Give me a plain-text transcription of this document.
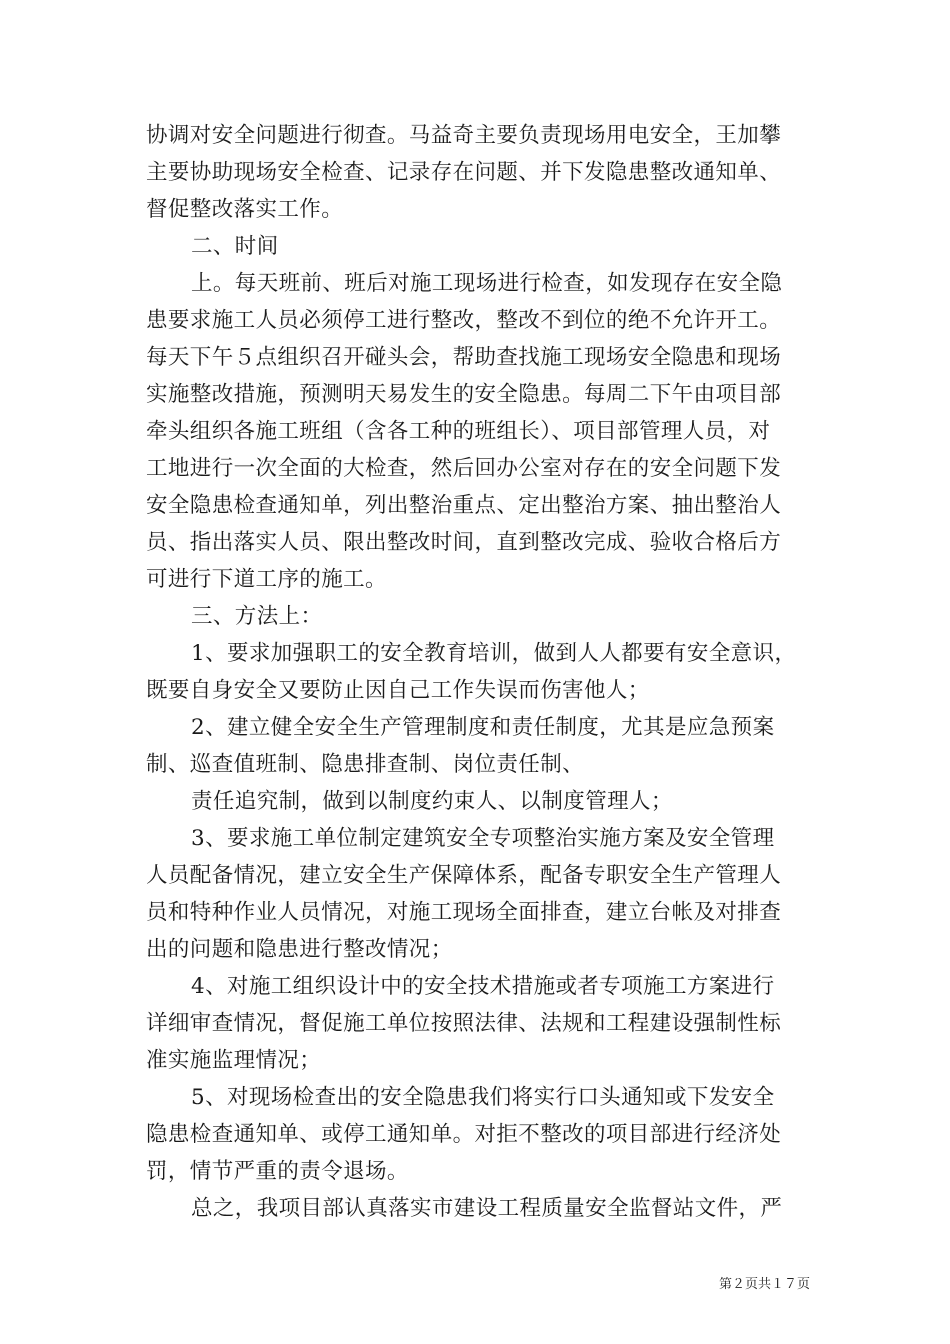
协调对安全问题进行彻查。马益奇主要负责现场用电安全，王加攀
主要协助现场安全检查、记录存在问题、并下发隐患整改通知单、
督促整改落实工作。
二、时间
上。每天班前、班后对施工现场进行检查，如发现存在安全隐
患要求施工人员必须停工进行整改，整改不到位的绝不允许开工。
每天下午５点组织召开碰头会，帮助查找施工现场安全隐患和现场
实施整改措施，预测明天易发生的安全隐患。每周二下午由项目部
牵头组织各施工班组（含各工种的班组长）、项目部管理人员，对
工地进行一次全面的大检查，然后回办公室对存在的安全问题下发
安全隐患检查通知单，列出整治重点、定出整治方案、抽出整治人
员、指出落实人员、限出整改时间，直到整改完成、验收合格后方
可进行下道工序的施工。
三、方法上：
1、要求加强职工的安全教育培训，做到人人都要有安全意识，
既要自身安全又要防止因自己工作失误而伤害他人；
2、建立健全安全生产管理制度和责任制度，尤其是应急预案
制、巡查值班制、隐患排查制、岗位责任制、
责任追究制，做到以制度约束人、以制度管理人；
3、要求施工单位制定建筑安全专项整治实施方案及安全管理
人员配备情况，建立安全生产保障体系，配备专职安全生产管理人
员和特种作业人员情况，对施工现场全面排查，建立台帐及对排查
出的问题和隐患进行整改情况；
4、对施工组织设计中的安全技术措施或者专项施工方案进行
详细审查情况，督促施工单位按照法律、法规和工程建设强制性标
准实施监理情况；
5、对现场检查出的安全隐患我们将实行口头通知或下发安全
隐患检查通知单、或停工通知单。对拒不整改的项目部进行经济处
罚，情节严重的责令退场。
总之，我项目部认真落实市建设工程质量安全监督站文件，严
第２页共１７页
